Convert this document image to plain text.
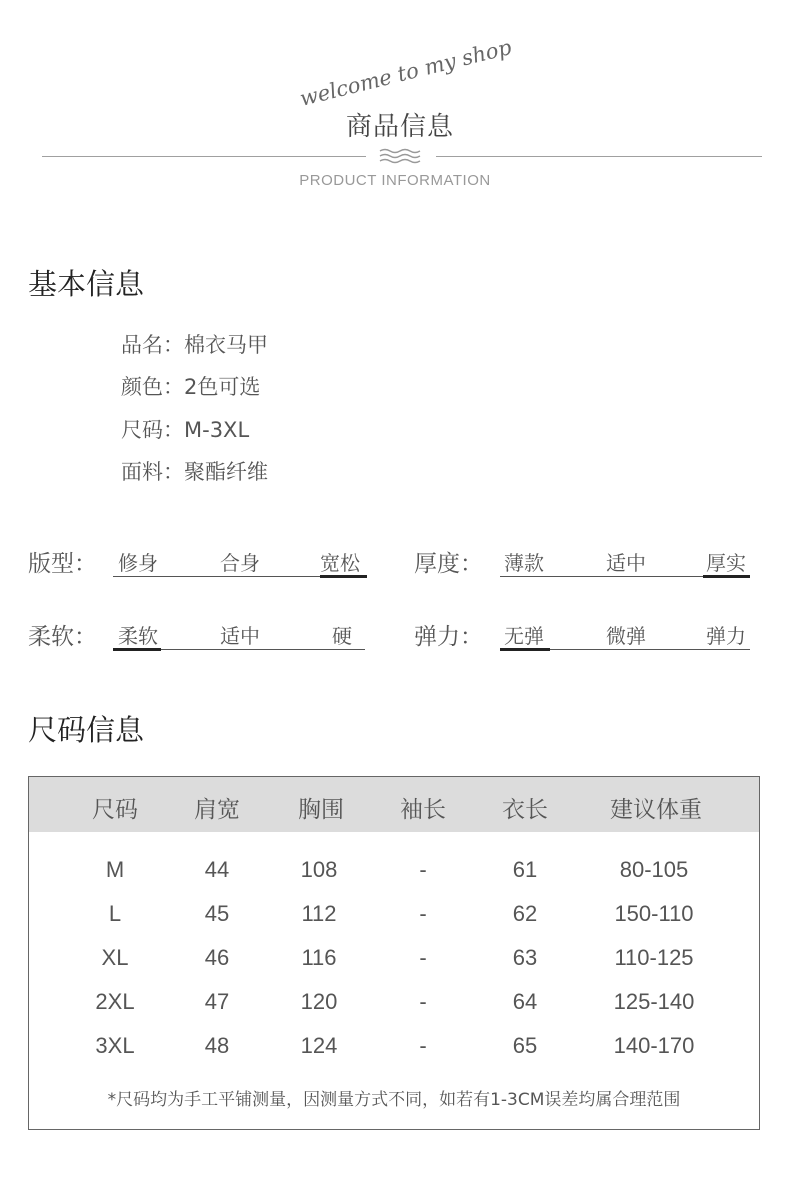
welcome to my shop
商品信息
PRODUCT INFORMATION
基本信息
品名：棉衣马甲
颜色：2色可选
尺码：M-3XL
面料：聚酯纤维
版型： 修身	合身	宽松 厚度： 薄款	适中	厚实
柔软： 柔软	适中	硬	弹力： 无弹	微弹	弹力
尺码信息
尺码	肩宽	胸围	袖长	衣长	建议体重
M	44	108	-	61	80-105
L	45	112	-	62	150-110
XL	46	116	-	63	110-125
2XL	47	120	-	64	125-140
3XL	48	124	-	65	140-170
*尺码均为手工平铺测量，因测量方式不同，如若有1-3CM误差均属合理范围
